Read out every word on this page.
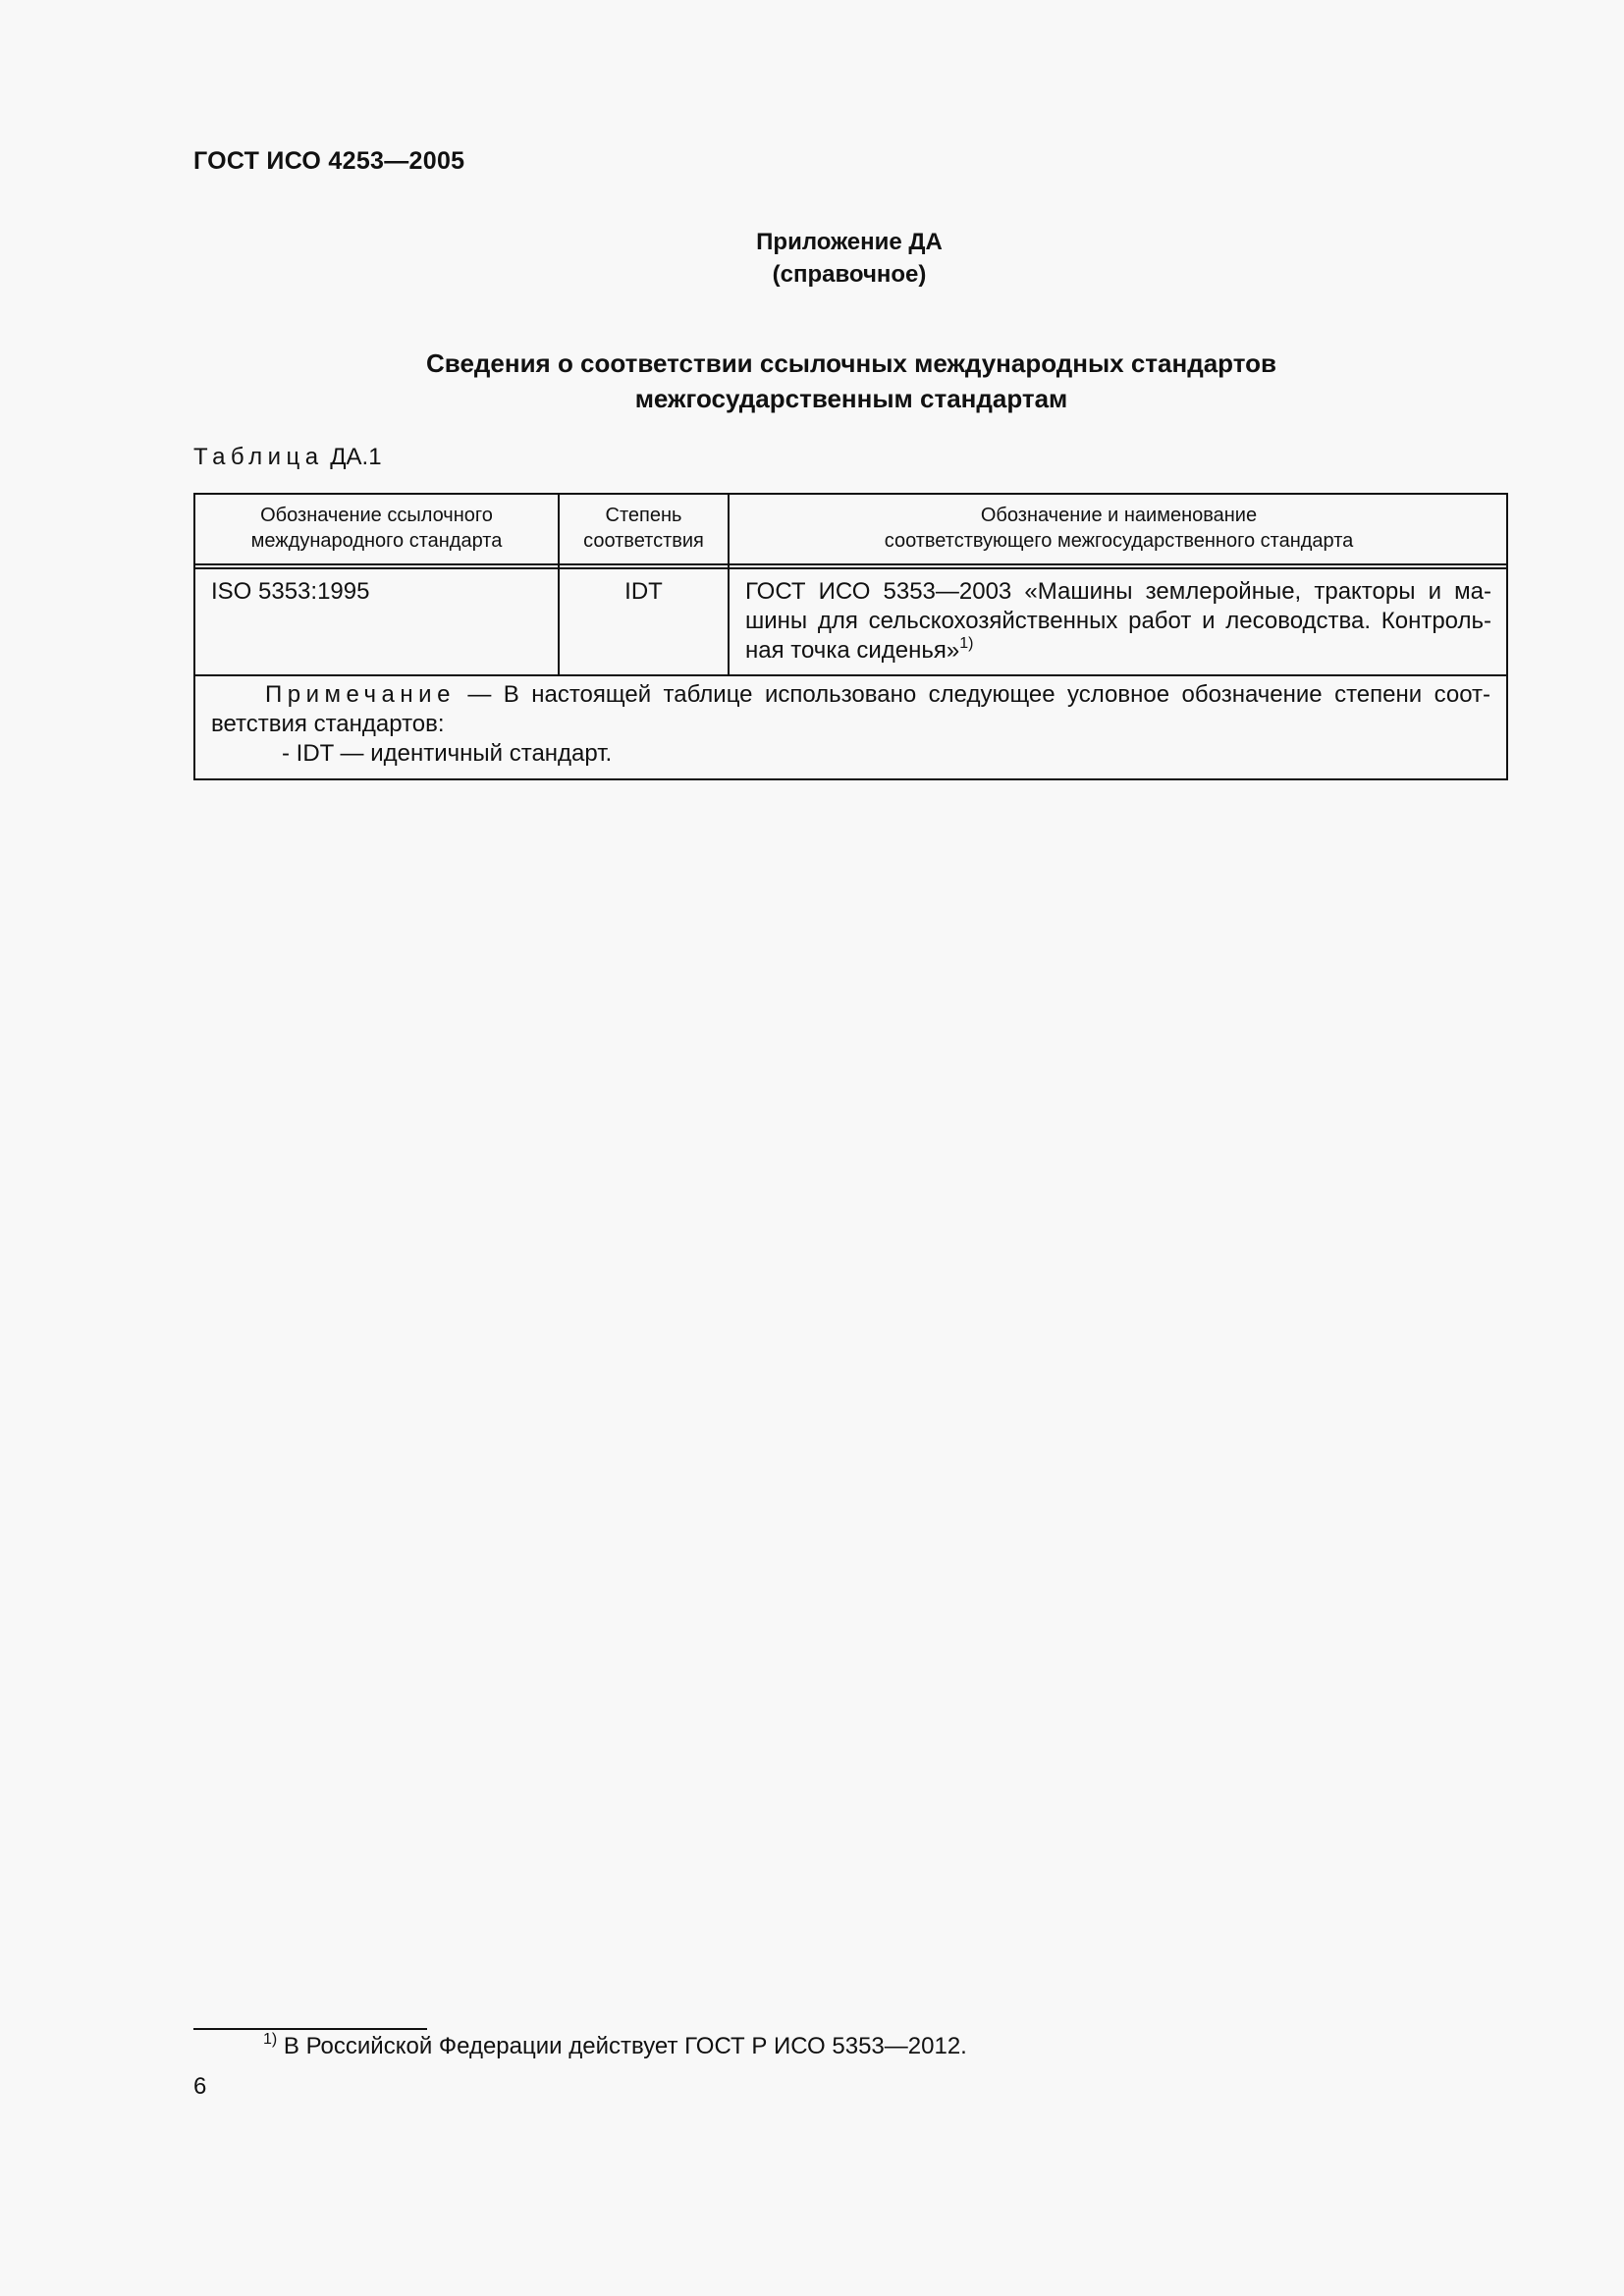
ГОСТ ИСО 4253—2005
Приложение ДА
(справочное)
Сведения о соответствии ссылочных международных стандартов
межгосударственным стандартам
Таблица ДА.1
Обозначение ссылочного
международного стандарта
Степень
соответствия
Обозначение и наименование
соответствующего межгосударственного стандарта
ISO 5353:1995	IDT	ГОСТ ИСО 5353—2003 «Машины землеройные, тракторы и ма-
шины для сельскохозяйственных работ и лесоводства. Контроль-
ная точка сиденья»$^{1)}$
Примечание — В настоящей таблице использовано следующее условное обозначение степени соот-
ветствия стандартов:
- IDT — идентичный стандарт.
$^{1)}$ В Российской Федерации действует ГОСТ Р ИСО 5353—2012.
6
